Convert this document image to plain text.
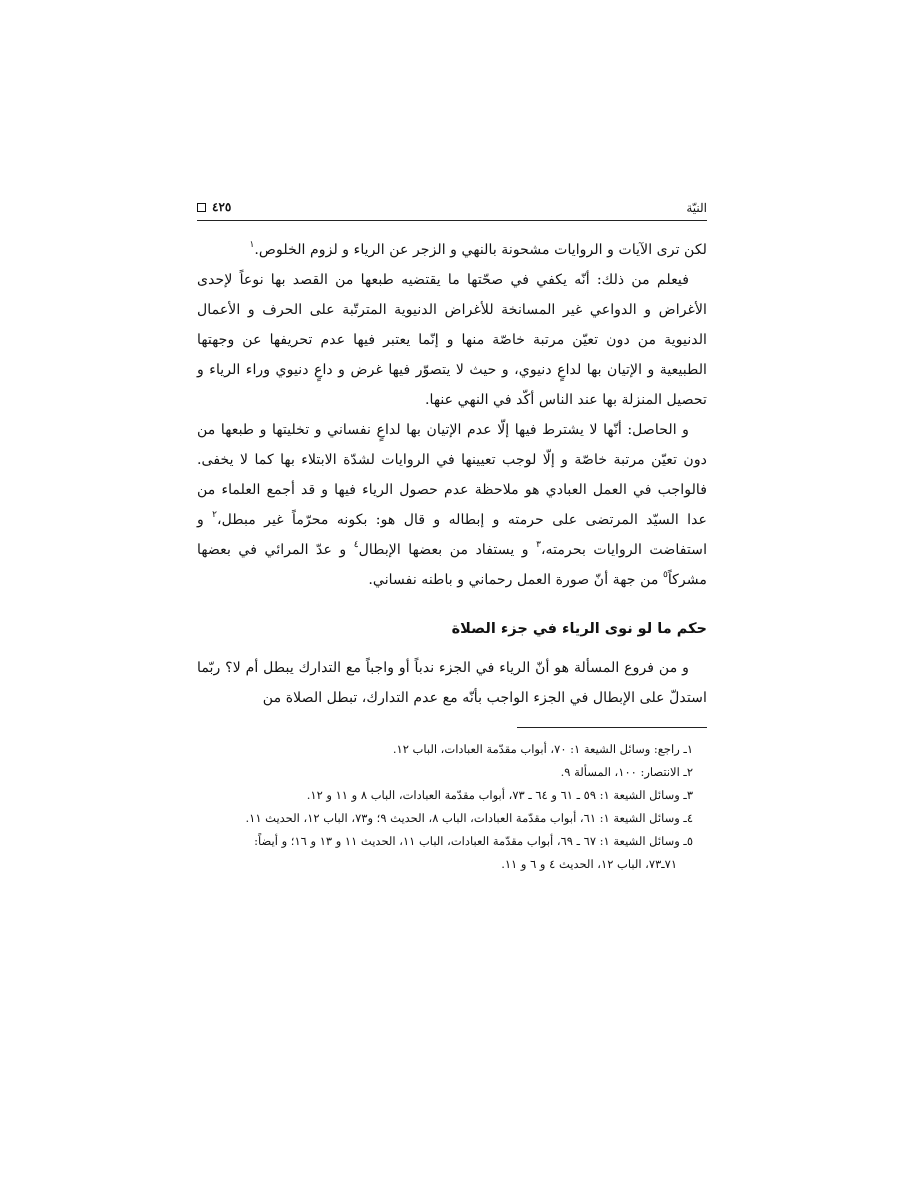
النيّة
٤٢٥

لكن ترى الآيات و الروايات مشحونة بالنهي و الزجر عن الرياء و لزوم الخلوص.$^١$

فيعلم من ذلك: أنّه يكفي في صحّتها ما يقتضيه طبعها من القصد بها نوعاً لإحدى الأغراض و الدواعي غير المسانخة للأغراض الدنيوية المترتّبة على الحرف و الأعمال الدنيوية من دون تعيّن مرتبة خاصّة منها و إنّما يعتبر فيها عدم تحريفها عن وجهتها الطبيعية و الإتيان بها لداعٍ دنيوي، و حيث لا يتصوّر فيها غرض و داعٍ دنيوي وراء الرياء و تحصيل المنزلة بها عند الناس أكّد في النهي عنها.

و الحاصل: أنّها لا يشترط فيها إلّا عدم الإتيان بها لداعٍ نفساني و تخليتها و طبعها من دون تعيّن مرتبة خاصّة و إلّا لوجب تعيينها في الروايات لشدّة الابتلاء بها كما لا يخفى. فالواجب في العمل العبادي هو ملاحظة عدم حصول الرياء فيها و قد أجمع العلماء من عدا السيّد المرتضى على حرمته و إبطاله و قال هو: بكونه محرّماً غير مبطل،$^٢$ و استفاضت الروايات بحرمته،$^٣$ و يستفاد من بعضها الإبطال$^٤$ و عدّ المرائي في بعضها مشركاً$^٥$ من جهة أنّ صورة العمل رحماني و باطنه نفساني.

حكم ما لو نوى الرياء في جزء الصلاة

و من فروع المسألة هو أنّ الرياء في الجزء ندباً أو واجباً مع التدارك يبطل أم لا؟ ربّما استدلّ على الإبطال في الجزء الواجب بأنّه مع عدم التدارك، تبطل الصلاة من

١ـ راجع: وسائل الشيعة ١: ٧٠، أبواب مقدّمة العبادات، الباب ١٢.
٢ـ الانتصار: ١٠٠، المسألة ٩.
٣ـ وسائل الشيعة ١: ٥٩ ـ ٦١ و ٦٤ ـ ٧٣، أبواب مقدّمة العبادات، الباب ٨ و ١١ و ١٢.
٤ـ وسائل الشيعة ١: ٦١، أبواب مقدّمة العبادات، الباب ٨، الحديث ٩؛ و٧٣، الباب ١٢، الحديث ١١.
٥ـ وسائل الشيعة ١: ٦٧ ـ ٦٩، أبواب مقدّمة العبادات، الباب ١١، الحديث ١١ و ١٣ و ١٦؛ و أيضاً:
٧١ـ٧٣، الباب ١٢، الحديث ٤ و ٦ و ١١.
